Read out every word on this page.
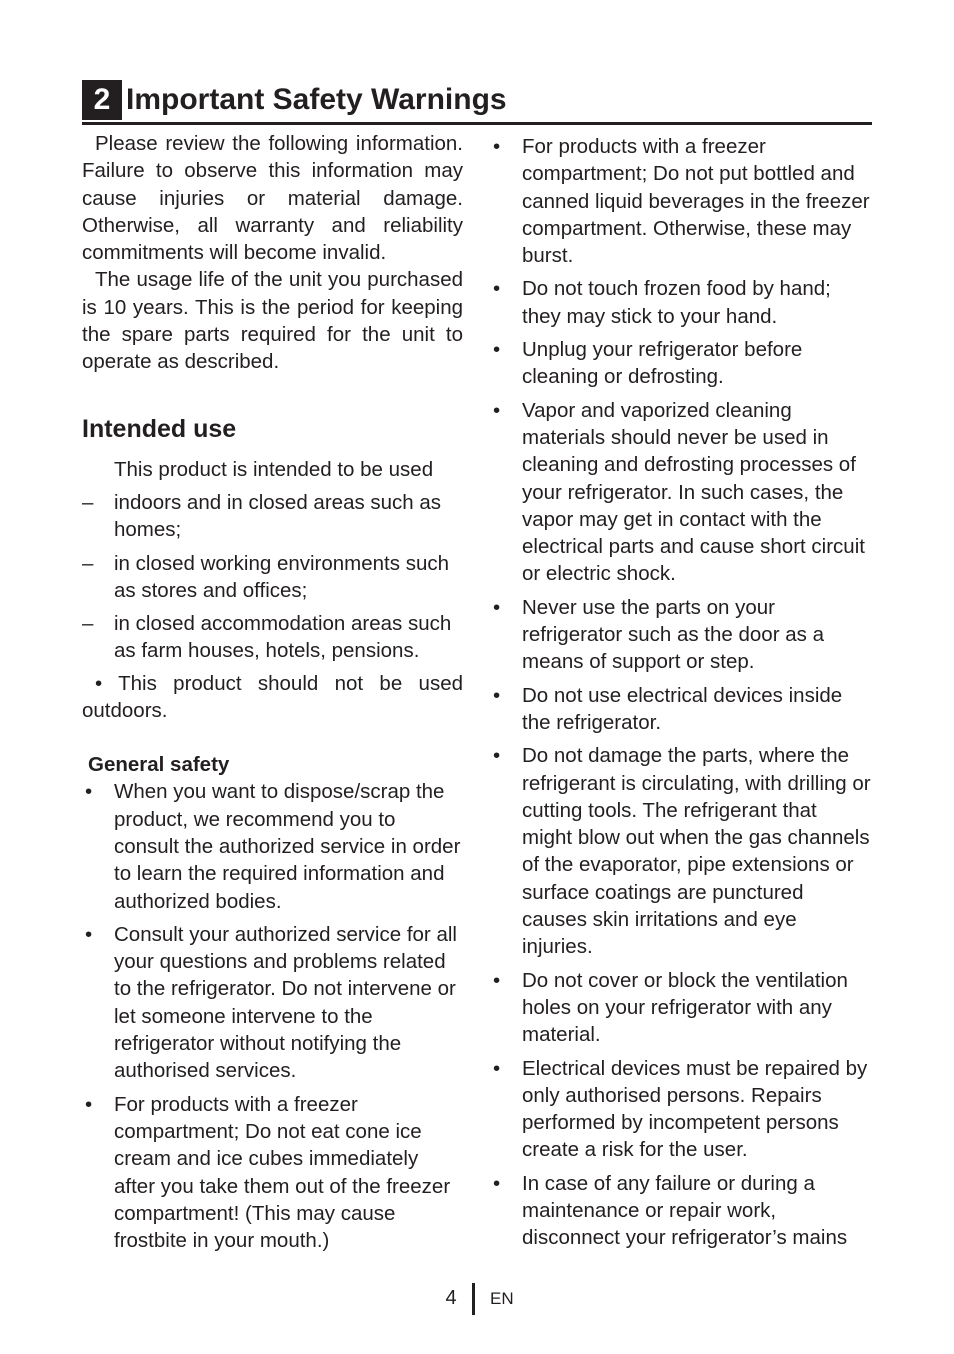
2 Important Safety Warnings

Please review the following information. Failure to observe this information may cause injuries or material damage. Otherwise, all warranty and reliability commitments will become invalid.

The usage life of the unit you purchased is 10 years. This is the period for keeping the spare parts required for the unit to operate as described.

Intended use

This product is intended to be used

–	indoors and in closed areas such as homes;
–	in closed working environments such as stores and offices;
–	in closed accommodation areas such as farm houses, hotels, pensions.

• This product should not be used outdoors.

General safety
•	When you want to dispose/scrap the product, we recommend you to consult the authorized service in order to learn the required information and authorized bodies.
•	Consult your authorized service for all your questions and problems related to the refrigerator. Do not intervene or let someone intervene to the refrigerator without notifying the authorised services.
•	For products with a freezer compartment; Do not eat cone ice cream and ice cubes immediately after you take them out of the freezer compartment! (This may cause frostbite in your mouth.)
•	For products with a freezer compartment; Do not put bottled and canned liquid beverages in the freezer compartment. Otherwise, these may burst.
•	Do not touch frozen food by hand; they may stick to your hand.
•	Unplug your refrigerator before cleaning or defrosting.
•	Vapor and vaporized cleaning materials should never be used in cleaning and defrosting processes of your refrigerator. In such cases, the vapor may get in contact with the electrical parts and cause short circuit or electric shock.
•	Never use the parts on your refrigerator such as the door as a means of support or step.
•	Do not use electrical devices inside the refrigerator.
•	Do not damage the parts, where the refrigerant is circulating, with drilling or cutting tools. The refrigerant that might blow out when the gas channels of the evaporator, pipe extensions or surface coatings are punctured causes skin irritations and eye injuries.
•	Do not cover or block the ventilation holes on your refrigerator with any material.
•	Electrical devices must be repaired by only authorised persons. Repairs performed by incompetent persons create a risk for the user.
•	In case of any failure or during a maintenance or repair work, disconnect your refrigerator’s mains
4 EN
